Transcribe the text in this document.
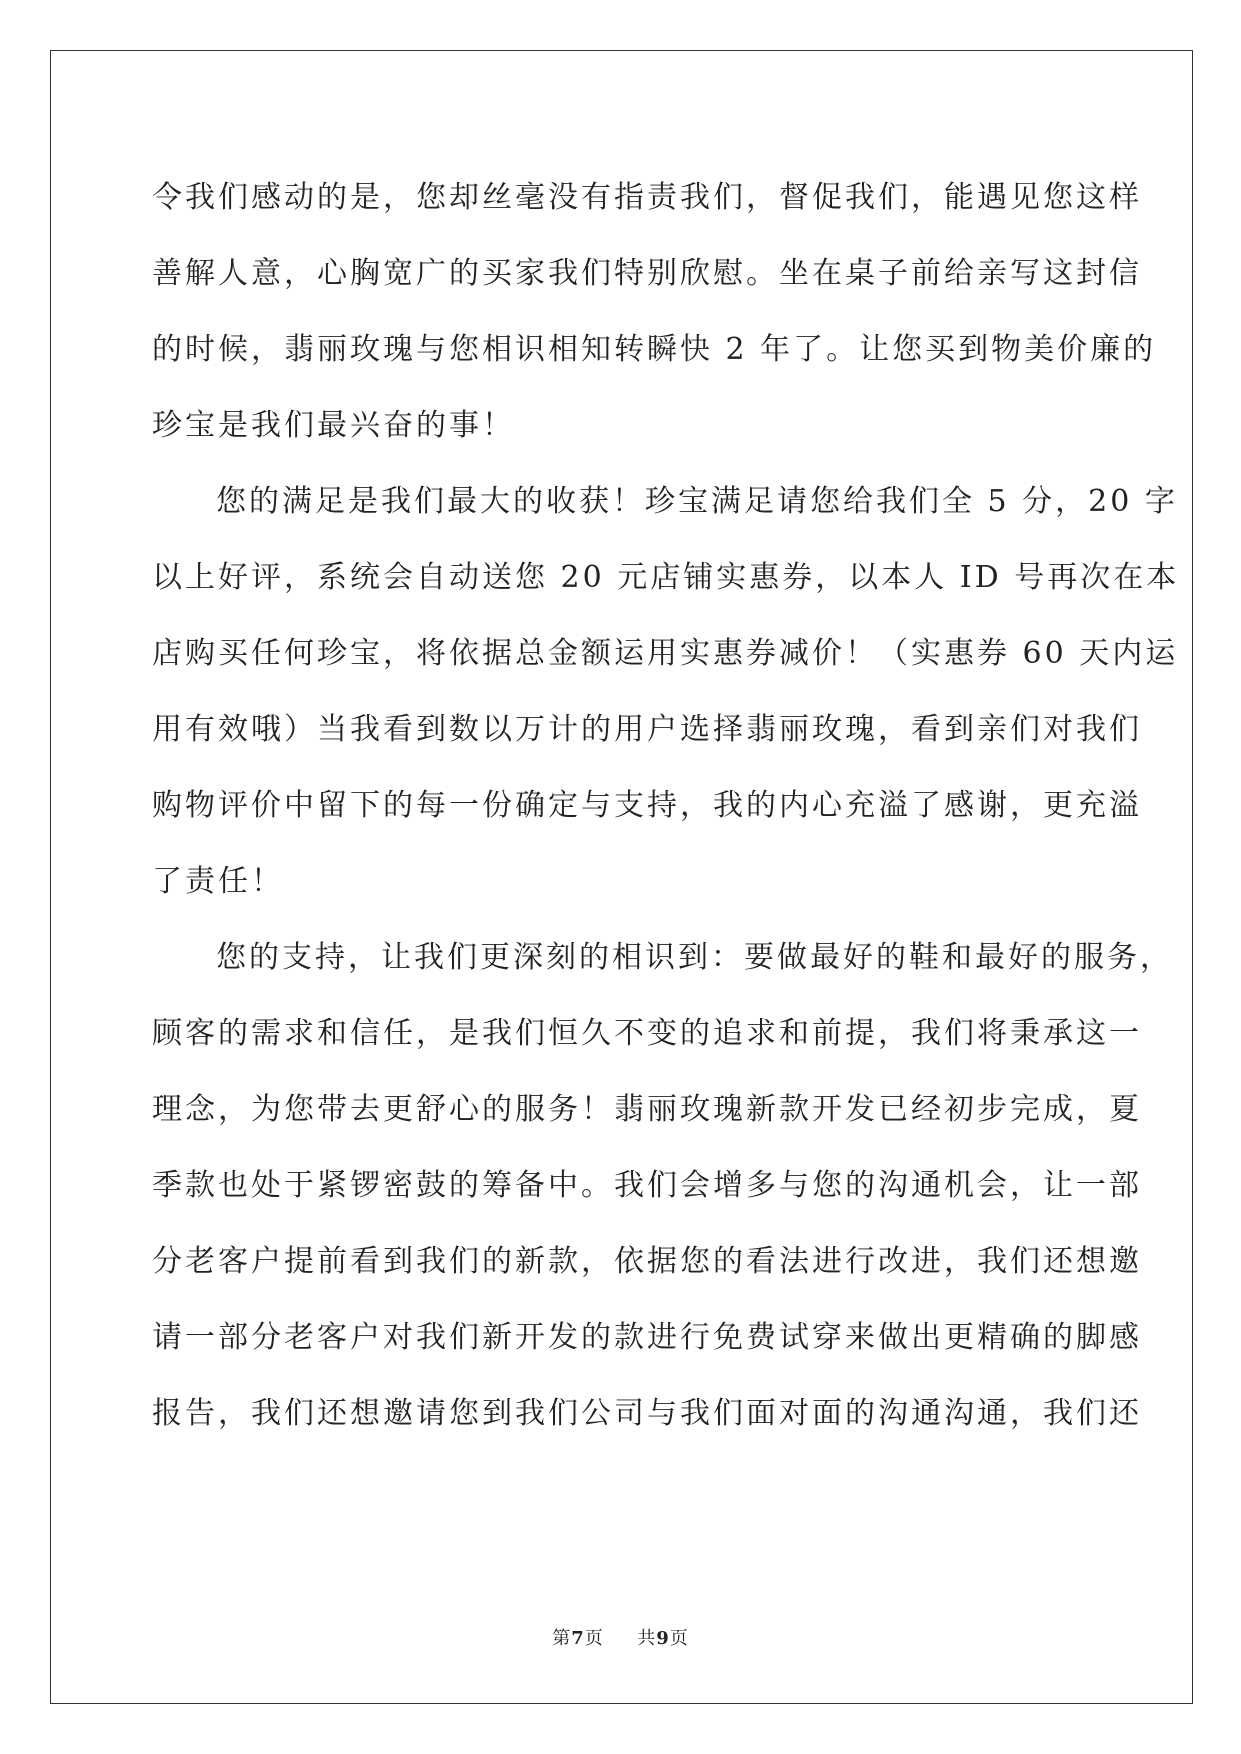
令我们感动的是，您却丝毫没有指责我们，督促我们，能遇见您这样
善解人意，心胸宽广的买家我们特别欣慰。坐在桌子前给亲写这封信
的时候，翡丽玫瑰与您相识相知转瞬快 2 年了。让您买到物美价廉的
珍宝是我们最兴奋的事！

您的满足是我们最大的收获！珍宝满足请您给我们全 5 分，20 字
以上好评，系统会自动送您 20 元店铺实惠券，以本人 ID 号再次在本
店购买任何珍宝，将依据总金额运用实惠券减价！（实惠券 60 天内运
用有效哦）当我看到数以万计的用户选择翡丽玫瑰，看到亲们对我们
购物评价中留下的每一份确定与支持，我的内心充溢了感谢，更充溢
了责任！

您的支持，让我们更深刻的相识到：要做最好的鞋和最好的服务，
顾客的需求和信任，是我们恒久不变的追求和前提，我们将秉承这一
理念，为您带去更舒心的服务！翡丽玫瑰新款开发已经初步完成，夏
季款也处于紧锣密鼓的筹备中。我们会增多与您的沟通机会，让一部
分老客户提前看到我们的新款，依据您的看法进行改进，我们还想邀
请一部分老客户对我们新开发的款进行免费试穿来做出更精确的脚感
报告，我们还想邀请您到我们公司与我们面对面的沟通沟通，我们还

第7页 共9页
